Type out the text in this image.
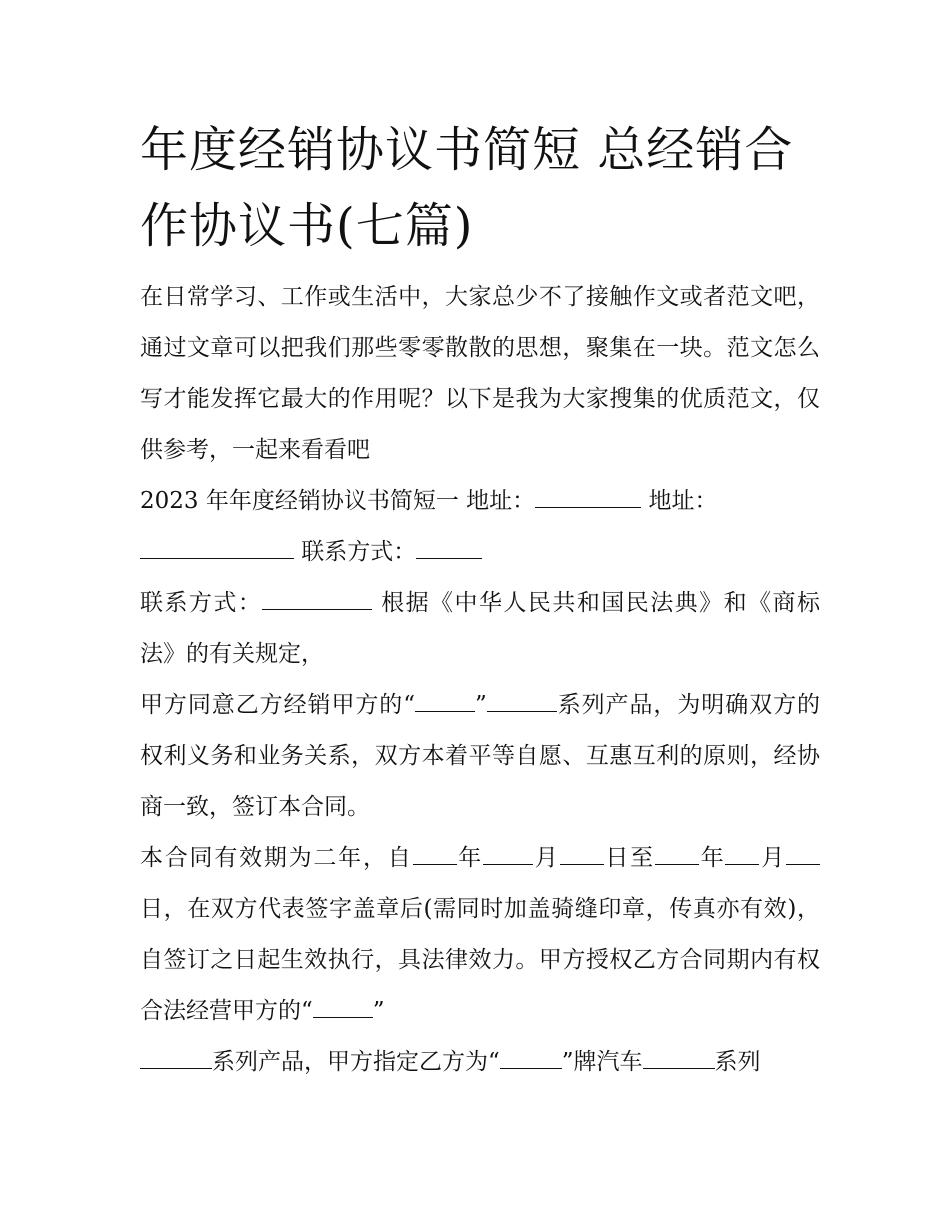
年度经销协议书简短 总经销合作协议书(七篇)

在日常学习、工作或生活中，大家总少不了接触作文或者范文吧，通过文章可以把我们那些零零散散的思想，聚集在一块。范文怎么写才能发挥它最大的作用呢？以下是我为大家搜集的优质范文，仅供参考，一起来看看吧

2023 年年度经销协议书简短一 地址：	地址：
联系方式：

联系方式：	根据《中华人民共和国民法典》和《商标法》的有关规定，

甲方同意乙方经销甲方的“	”	系列产品，为明确双方的权利义务和业务关系，双方本着平等自愿、互惠互利的原则，经协商一致，签订本合同。

本合同有效期为二年，自 年 月 日至 年 月日，在双方代表签字盖章后(需同时加盖骑缝印章，传真亦有效)，自签订之日起生效执行，具法律效力。甲方授权乙方合同期内有权合法经营甲方的“	”

系列产品，甲方指定乙方为“	”牌汽车	系列
